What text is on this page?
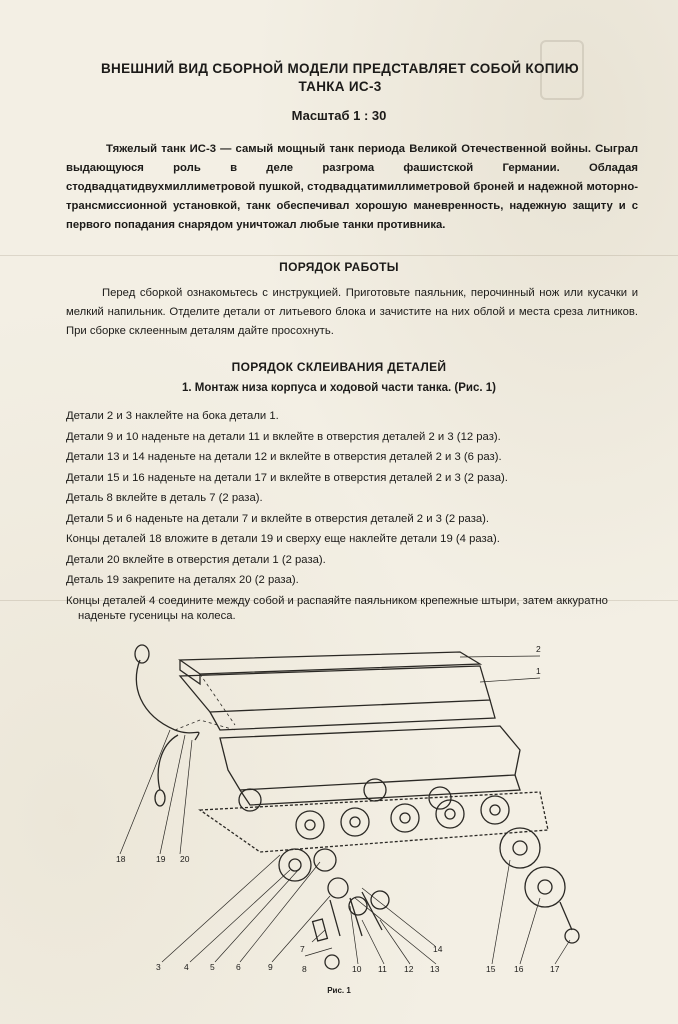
ВНЕШНИЙ ВИД СБОРНОЙ МОДЕЛИ ПРЕДСТАВЛЯЕТ СОБОЙ КОПИЮ
ТАНКА ИС-3
Масштаб 1 : 30

Тяжелый танк ИС-3 — самый мощный танк периода Великой Отечественной войны. Сыграл выдающуюся роль в деле разгрома фашистской Германии. Обладая стодвадцатидвухмиллиметровой пушкой, стодвадцатимиллиметровой броней и надежной моторно-трансмиссионной установкой, танк обеспечивал хорошую маневренность, надежную защиту и с первого попадания снарядом уничтожал любые танки противника.

ПОРЯДОК РАБОТЫ

Перед сборкой ознакомьтесь с инструкцией. Приготовьте паяльник, перочинный нож или кусачки и мелкий напильник. Отделите детали от литьевого блока и зачистите на них облой и места среза литников. При сборке склеенным деталям дайте просохнуть.

ПОРЯДОК СКЛЕИВАНИЯ ДЕТАЛЕЙ
1. Монтаж низа корпуса и ходовой части танка. (Рис. 1)
Детали 2 и 3 наклейте на бока детали 1.
Детали 9 и 10 наденьте на детали 11 и вклейте в отверстия деталей 2 и 3 (12 раз).
Детали 13 и 14 наденьте на детали 12 и вклейте в отверстия деталей 2 и 3 (6 раз).
Детали 15 и 16 наденьте на детали 17 и вклейте в отверстия деталей 2 и 3 (2 раза).
Деталь 8 вклейте в деталь 7 (2 раза).
Детали 5 и 6 наденьте на детали 7 и вклейте в отверстия деталей 2 и 3 (2 раза).
Концы деталей 18 вложите в детали 19 и сверху еще наклейте детали 19 (4 раза).
Детали 20 вклейте в отверстия детали 1 (2 раза).
Деталь 19 закрепите на деталях 20 (2 раза).
Концы деталей 4 соедините между собой и распаяйте паяльником крепежные штыри, затем аккуратно наденьте гусеницы на колеса.
1
2
3	4	5	6
7
8
9	10 11 12 13
14
15 16	17
18	19 20
Рис. 1
